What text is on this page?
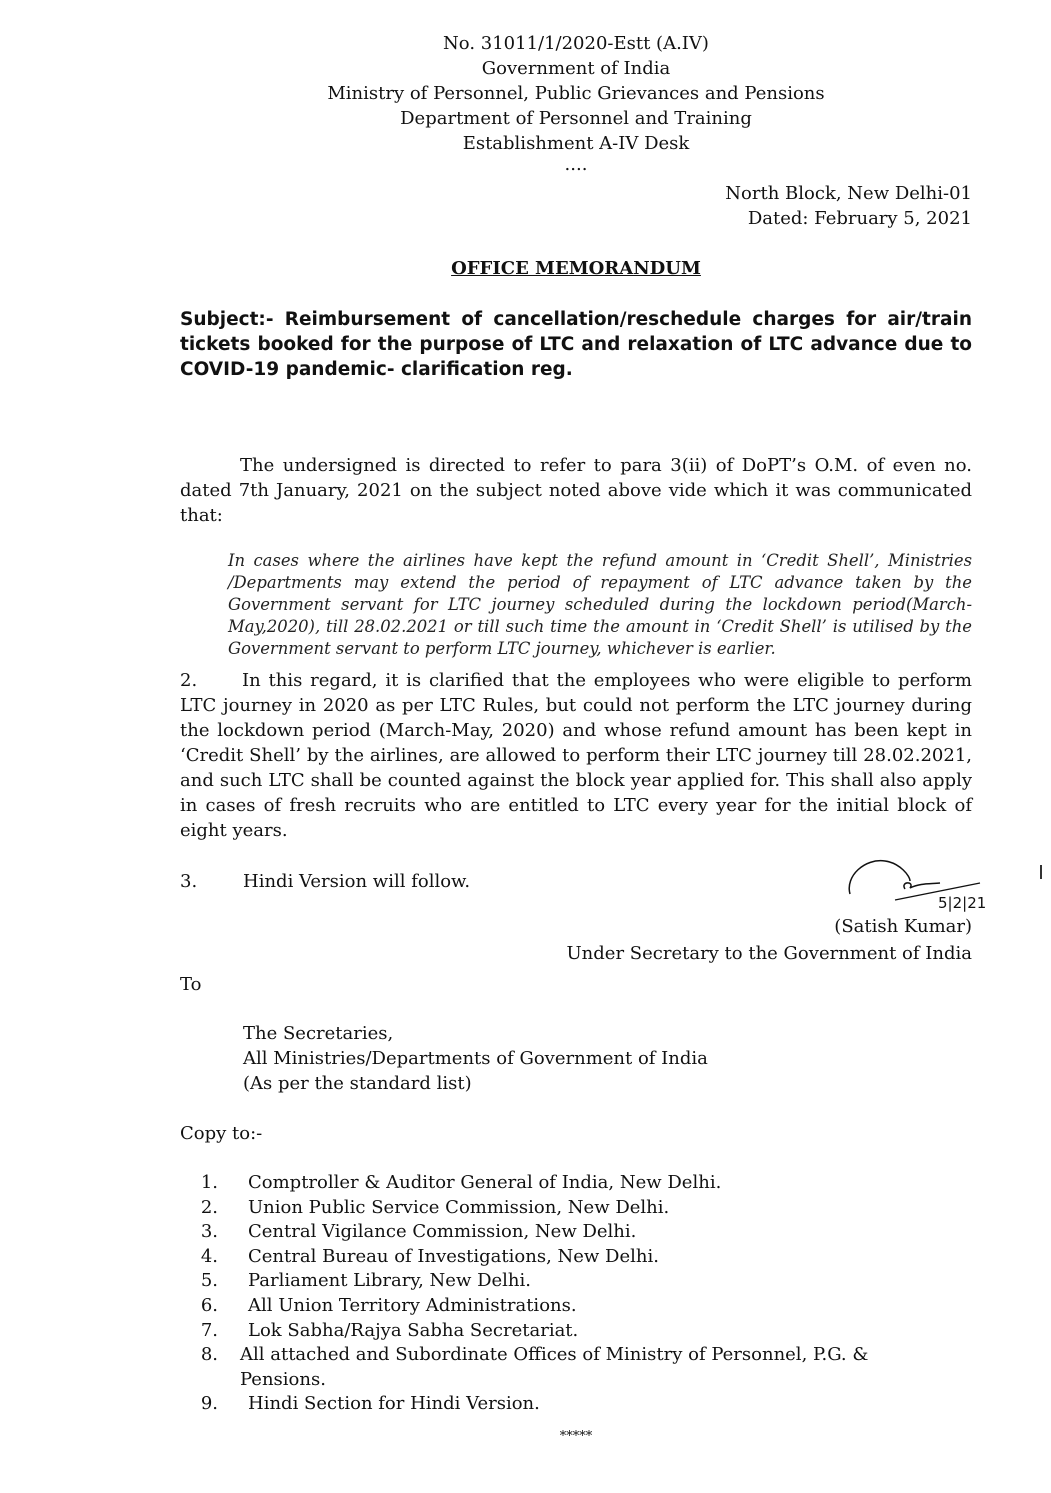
No. 31011/1/2020-Estt (A.IV)
Government of India
Ministry of Personnel, Public Grievances and Pensions
Department of Personnel and Training
Establishment A-IV Desk
....
North Block, New Delhi-01
Dated: February 5, 2021
OFFICE MEMORANDUM
Subject:- Reimbursement of cancellation/reschedule charges for air/train tickets booked for the purpose of LTC and relaxation of LTC advance due to COVID-19 pandemic- clarification reg.
The undersigned is directed to refer to para 3(ii) of DoPT’s O.M. of even no. dated 7th January, 2021 on the subject noted above vide which it was communicated that:
In cases where the airlines have kept the refund amount in ‘Credit Shell’, Ministries /Departments may extend the period of repayment of LTC advance taken by the Government servant for LTC journey scheduled during the lockdown period(March-May,2020), till 28.02.2021 or till such time the amount in ‘Credit Shell’ is utilised by the Government servant to perform LTC journey, whichever is earlier.
2. In this regard, it is clarified that the employees who were eligible to perform LTC journey in 2020 as per LTC Rules, but could not perform the LTC journey during the lockdown period (March-May, 2020) and whose refund amount has been kept in ‘Credit Shell’ by the airlines, are allowed to perform their LTC journey till 28.02.2021, and such LTC shall be counted against the block year applied for. This shall also apply in cases of fresh recruits who are entitled to LTC every year for the initial block of eight years.
3.	Hindi Version will follow.
5|2|21
(Satish Kumar)
Under Secretary to the Government of India
To
The Secretaries,
All Ministries/Departments of Government of India
(As per the standard list)
Copy to:-
1. Comptroller & Auditor General of India, New Delhi.
2. Union Public Service Commission, New Delhi.
3. Central Vigilance Commission, New Delhi.
4. Central Bureau of Investigations, New Delhi.
5. Parliament Library, New Delhi.
6. All Union Territory Administrations.
7. Lok Sabha/Rajya Sabha Secretariat.
8. All attached and Subordinate Offices of Ministry of Personnel, P.G. & Pensions.
9. Hindi Section for Hindi Version.
*****
